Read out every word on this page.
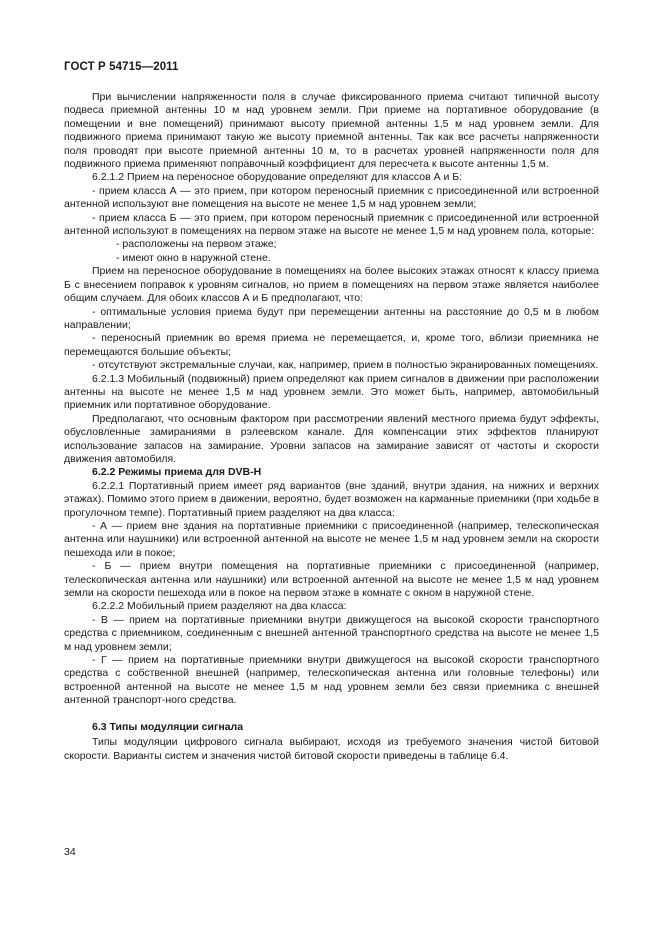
ГОСТ Р 54715—2011

При вычислении напряженности поля в случае фиксированного приема считают типичной высоту подвеса приемной антенны 10 м над уровнем земли. При приеме на портативное оборудование (в помещении и вне помещений) принимают высоту приемной антенны 1,5 м над уровнем земли. Для подвижного приема принимают такую же высоту приемной антенны. Так как все расчеты напряженности поля проводят при высоте приемной антенны 10 м, то в расчетах уровней напряженности поля для подвижного приема применяют поправочный коэффициент для пересчета к высоте антенны 1,5 м.

6.2.1.2 Прием на переносное оборудование определяют для классов А и Б:

- прием класса А — это прием, при котором переносный приемник с присоединенной или встроенной антенной используют вне помещения на высоте не менее 1,5 м над уровнем земли;

- прием класса Б — это прием, при котором переносный приемник с присоединенной или встроенной антенной используют в помещениях на первом этаже на высоте не менее 1,5 м над уровнем пола, которые:

- расположены на первом этаже;

- имеют окно в наружной стене.

Прием на переносное оборудование в помещениях на более высоких этажах относят к классу приема Б с внесением поправок к уровням сигналов, но прием в помещениях на первом этаже является наиболее общим случаем. Для обоих классов А и Б предполагают, что:

- оптимальные условия приема будут при перемещении антенны на расстояние до 0,5 м в любом направлении;

- переносный приемник во время приема не перемещается, и, кроме того, вблизи приемника не перемещаются большие объекты;

- отсутствуют экстремальные случаи, как, например, прием в полностью экранированных помещениях.

6.2.1.3 Мобильный (подвижный) прием определяют как прием сигналов в движении при расположении антенны на высоте не менее 1,5 м над уровнем земли. Это может быть, например, автомобильный приемник или портативное оборудование.

Предполагают, что основным фактором при рассмотрении явлений местного приема будут эффекты, обусловленные замираниями в рэлеевском канале. Для компенсации этих эффектов планируют использование запасов на замирание. Уровни запасов на замирание зависят от частоты и скорости движения автомобиля.

6.2.2 Режимы приема для DVB-H

6.2.2.1 Портативный прием имеет ряд вариантов (вне зданий, внутри здания, на нижних и верхних этажах). Помимо этого прием в движении, вероятно, будет возможен на карманные приемники (при ходьбе в прогулочном темпе). Портативный прием разделяют на два класса:

- А — прием вне здания на портативные приемники с присоединенной (например, телескопическая антенна или наушники) или встроенной антенной на высоте не менее 1,5 м над уровнем земли на скорости пешехода или в покое;

- Б — прием внутри помещения на портативные приемники с присоединенной (например, телескопическая антенна или наушники) или встроенной антенной на высоте не менее 1,5 м над уровнем земли на скорости пешехода или в покое на первом этаже в комнате с окном в наружной стене.

6.2.2.2 Мобильный прием разделяют на два класса:

- В — прием на портативные приемники внутри движущегося на высокой скорости транспортного средства с приемником, соединенным с внешней антенной транспортного средства на высоте не менее 1,5 м над уровнем земли;

- Г — прием на портативные приемники внутри движущегося на высокой скорости транспортного средства с собственной внешней (например, телескопическая антенна или головные телефоны) или встроенной антенной на высоте не менее 1,5 м над уровнем земли без связи приемника с внешней антенной транспорт-ного средства.

6.3 Типы модуляции сигнала

Типы модуляции цифрового сигнала выбирают, исходя из требуемого значения чистой битовой скорости. Варианты систем и значения чистой битовой скорости приведены в таблице 6.4.

34
